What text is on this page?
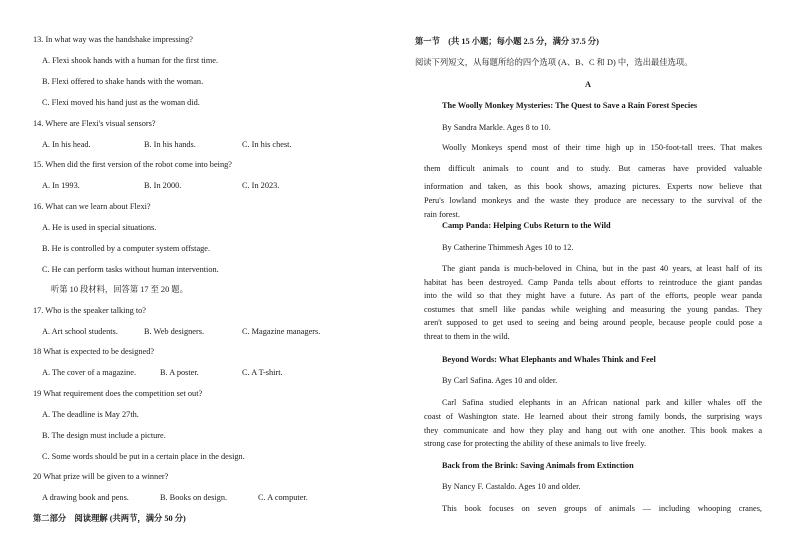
13. In what way was the handshake impressing?
A. Flexi shook hands with a human for the first time.
B. Flexi offered to shake hands with the woman.
C. Flexi moved his hand just as the woman did.
14. Where are Flexi's visual sensors?
A. In his head.	B. In his hands.	C. In his chest.
15. When did the first version of the robot come into being?
A. In 1993.	B. In 2000.	C. In 2023.
16. What can we learn about Flexi?
A. He is used in special situations.
B. He is controlled by a computer system offstage.
C. He can perform tasks without human intervention.
听第 10 段材料，回答第 17 至 20 题。
17. Who is the speaker talking to?
A. Art school students.	B. Web designers.	C. Magazine managers.
18 What is expected to be designed?
A. The cover of a magazine.	B. A poster.	C. A T-shirt.
19 What requirement does the competition set out?
A. The deadline is May 27th.
B. The design must include a picture.
C. Some words should be put in a certain place in the design.
20 What prize will be given to a winner?
A drawing book and pens.	B. Books on design.	C. A computer.
第二部分　阅读理解 (共两节，满分 50 分)
第一节　(共 15 小题；每小题 2.5 分，满分 37.5 分)
阅读下列短文，从每题所给的四个选项 (A、B、C 和 D) 中，选出最佳选项。
A
The Woolly Monkey Mysteries: The Quest to Save a Rain Forest Species
By Sandra Markle. Ages 8 to 10.
Woolly Monkeys spend most of their time high up in 150-foot-tall trees. That makes
them difficult animals to count and to study. But cameras have provided valuable
information and taken, as this book shows, amazing pictures. Experts now believe that
Peru's lowland monkeys and the waste they produce are necessary to the survival of the
rain forest.
Camp Panda: Helping Cubs Return to the Wild
By Catherine Thimmesh Ages 10 to 12.
The giant panda is much-beloved in China, but in the past 40 years, at least half of its
habitat has been destroyed. Camp Panda tells about efforts to reintroduce the giant pandas
into the wild so that they might have a future. As part of the efforts, people wear panda
costumes that smell like pandas while weighing and measuring the young pandas. They
aren't supposed to get used to seeing and being around people, because people could pose a
threat to them in the wild.
Beyond Words: What Elephants and Whales Think and Feel
By Carl Safina. Ages 10 and older.
Carl Safina studied elephants in an African national park and killer whales off the
coast of Washington state. He learned about their strong family bonds, the surprising ways
they communicate and how they play and hang out with one another. This book makes a
strong case for protecting the ability of these animals to live freely.
Back from the Brink: Saving Animals from Extinction
By Nancy F. Castaldo. Ages 10 and older.
This book focuses on seven groups of animals — including whooping cranes,
